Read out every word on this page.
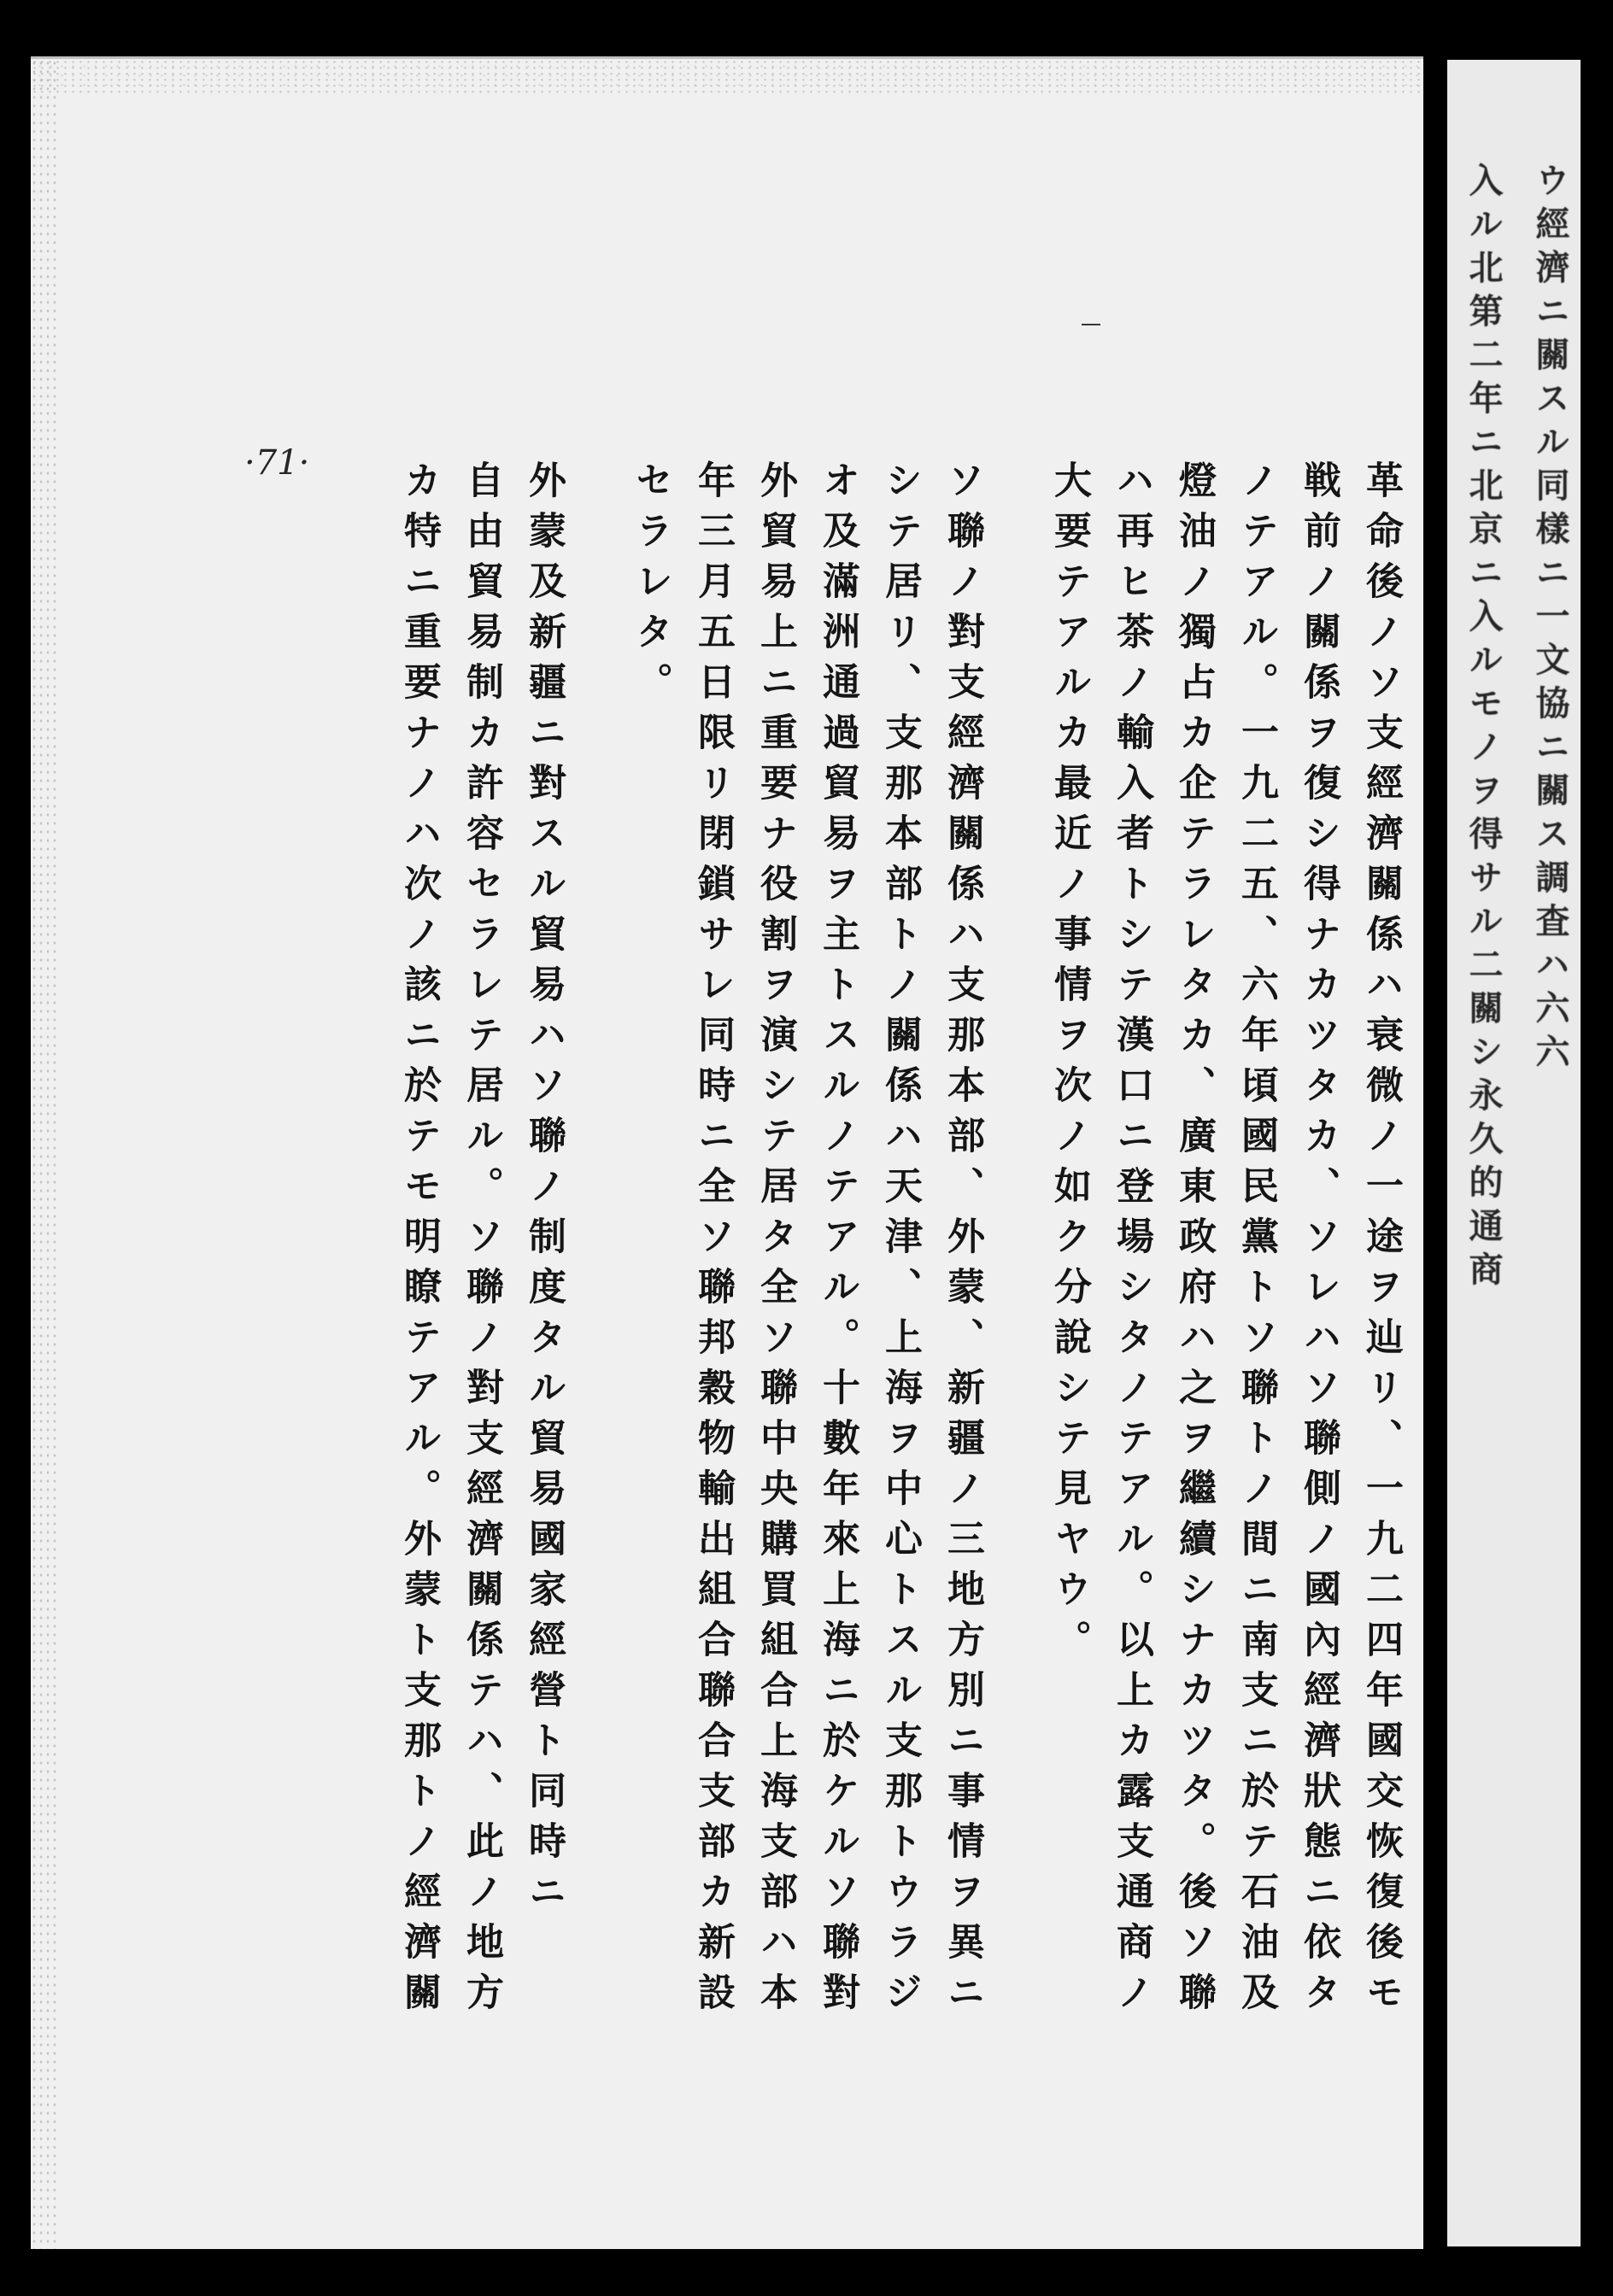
ウ經濟ニ關スル同樣ニ一文協ニ關ス調査ハ六六
入ル北第二年ニ北京ニ入ルモノヲ得サル二關シ永久的通商
·71·	革命後ノソ支經濟關係ハ衰微ノ一途ヲ辿リ、一九二四年國交恢復後モ
戦前ノ關係ヲ復シ得ナカツタカ、ソレハソ聯側ノ國內經濟狀態ニ依タ
ノテアル。一九二五、六年頃國民黨トソ聯トノ間ニ南支ニ於テ石油及
燈油ノ獨占カ企テラレタカ、廣東政府ハ之ヲ繼續シナカツタ。後ソ聯
ハ再ヒ茶ノ輸入者トシテ漢口ニ登場シタノテアル。以上カ露支通商ノ
大要テアルカ最近ノ事情ヲ次ノ如ク分說シテ見ヤウ。
ソ聯ノ對支經濟關係ハ支那本部、外蒙、新疆ノ三地方別ニ事情ヲ異ニ
シテ居リ、支那本部トノ關係ハ天津、上海ヲ中心トスル支那トウラジ
オ及滿洲通過貿易ヲ主トスルノテアル。十數年來上海ニ於ケルソ聯對
外貿易上ニ重要ナ役割ヲ演シテ居タ全ソ聯中央購買組合上海支部ハ本
年三月五日限リ閉鎖サレ同時ニ全ソ聯邦穀物輸出組合聯合支部カ新設
セラレタ。
外蒙及新疆ニ對スル貿易ハソ聯ノ制度タル貿易國家經營ト同時ニ
自由貿易制カ許容セラレテ居ル。ソ聯ノ對支經濟關係テハ、此ノ地方
カ特ニ重要ナノハ次ノ該ニ於テモ明瞭テアル。外蒙ト支那トノ經濟關
